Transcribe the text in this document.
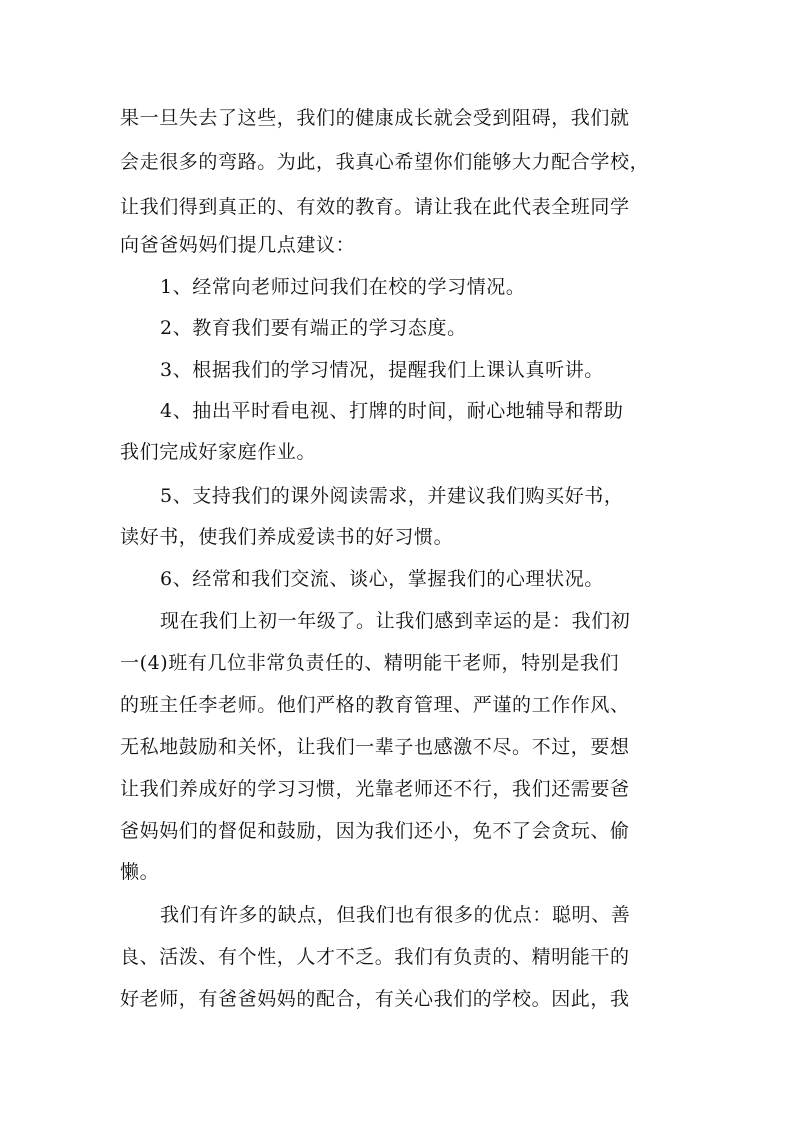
果一旦失去了这些，我们的健康成长就会受到阻碍，我们就
会走很多的弯路。为此，我真心希望你们能够大力配合学校，
让我们得到真正的、有效的教育。请让我在此代表全班同学
向爸爸妈妈们提几点建议：
1、经常向老师过问我们在校的学习情况。
2、教育我们要有端正的学习态度。
3、根据我们的学习情况，提醒我们上课认真听讲。
4、抽出平时看电视、打牌的时间，耐心地辅导和帮助
我们完成好家庭作业。
5、支持我们的课外阅读需求，并建议我们购买好书，
读好书，使我们养成爱读书的好习惯。
6、经常和我们交流、谈心，掌握我们的心理状况。
现在我们上初一年级了。让我们感到幸运的是：我们初
一(4)班有几位非常负责任的、精明能干老师，特别是我们
的班主任李老师。他们严格的教育管理、严谨的工作作风、
无私地鼓励和关怀，让我们一辈子也感激不尽。不过，要想
让我们养成好的学习习惯，光靠老师还不行，我们还需要爸
爸妈妈们的督促和鼓励，因为我们还小，免不了会贪玩、偷
懒。
我们有许多的缺点，但我们也有很多的优点：聪明、善
良、活泼、有个性，人才不乏。我们有负责的、精明能干的
好老师，有爸爸妈妈的配合，有关心我们的学校。因此，我
